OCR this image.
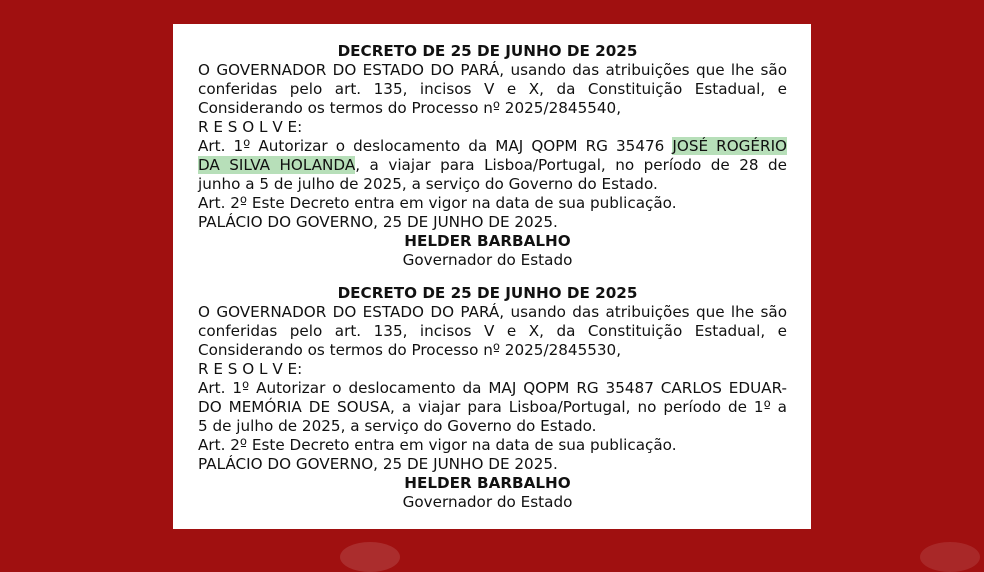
DECRETO DE 25 DE JUNHO DE 2025
O GOVERNADOR DO ESTADO DO PARÁ, usando das atribuições que lhe são
conferidas pelo art. 135, incisos V e X, da Constituição Estadual, e
Considerando os termos do Processo nº 2025/2845540,
R E S O L V E:
Art. 1º Autorizar o deslocamento da MAJ QOPM RG 35476 JOSÉ ROGÉRIO
DA SILVA HOLANDA, a viajar para Lisboa/Portugal, no período de 28 de
junho a 5 de julho de 2025, a serviço do Governo do Estado.
Art. 2º Este Decreto entra em vigor na data de sua publicação.
PALÁCIO DO GOVERNO, 25 DE JUNHO DE 2025.
HELDER BARBALHO
Governador do Estado
DECRETO DE 25 DE JUNHO DE 2025
O GOVERNADOR DO ESTADO DO PARÁ, usando das atribuições que lhe são
conferidas pelo art. 135, incisos V e X, da Constituição Estadual, e
Considerando os termos do Processo nº 2025/2845530,
R E S O L V E:
Art. 1º Autorizar o deslocamento da MAJ QOPM RG 35487 CARLOS EDUAR-
DO MEMÓRIA DE SOUSA, a viajar para Lisboa/Portugal, no período de 1º a
5 de julho de 2025, a serviço do Governo do Estado.
Art. 2º Este Decreto entra em vigor na data de sua publicação.
PALÁCIO DO GOVERNO, 25 DE JUNHO DE 2025.
HELDER BARBALHO
Governador do Estado
